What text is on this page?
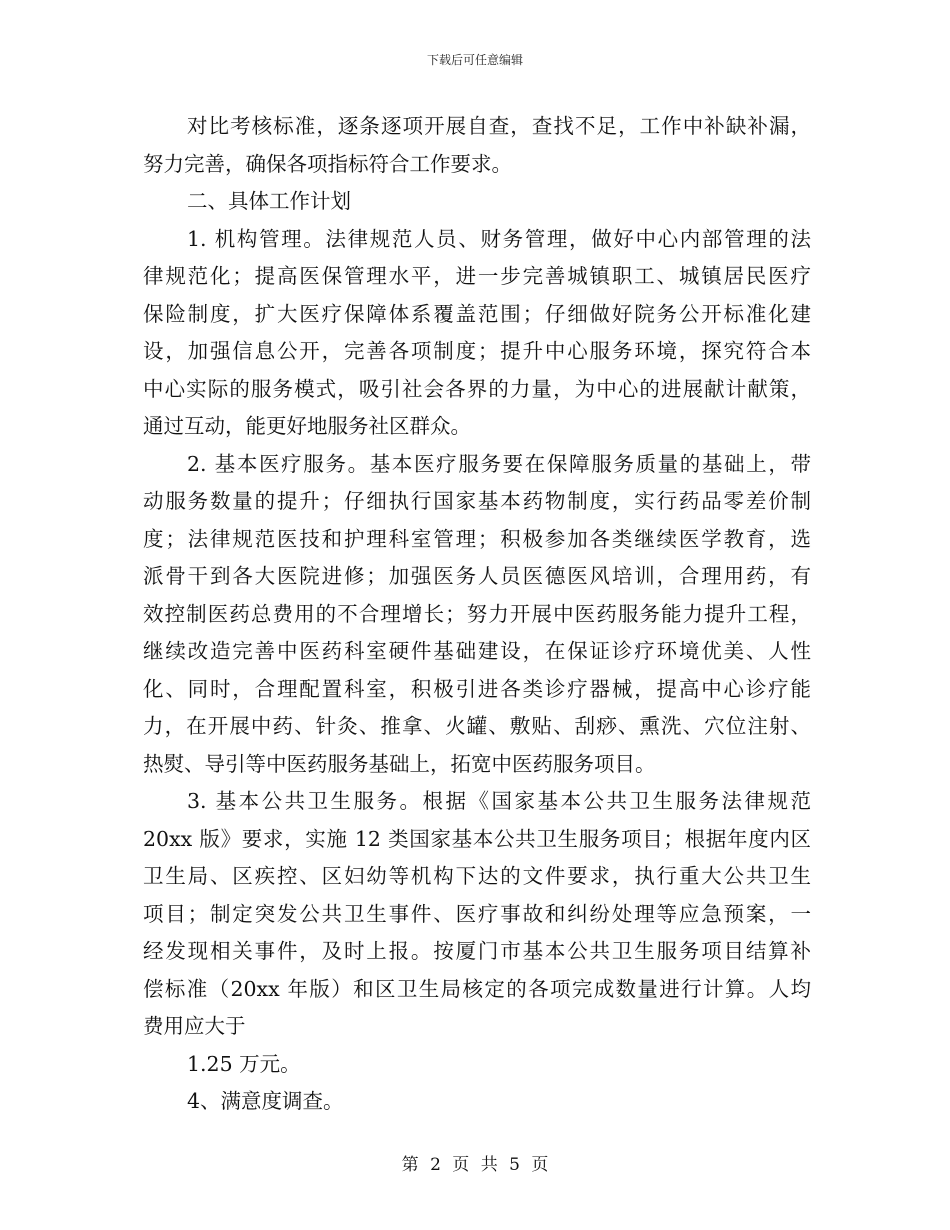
下载后可任意编辑
对比考核标准，逐条逐项开展自查，查找不足，工作中补缺补漏，
努力完善，确保各项指标符合工作要求。
二、具体工作计划
1. 机构管理。法律规范人员、财务管理，做好中心内部管理的法
律规范化；提高医保管理水平，进一步完善城镇职工、城镇居民医疗
保险制度，扩大医疗保障体系覆盖范围；仔细做好院务公开标准化建
设，加强信息公开，完善各项制度；提升中心服务环境，探究符合本
中心实际的服务模式，吸引社会各界的力量，为中心的进展献计献策，
通过互动，能更好地服务社区群众。
2. 基本医疗服务。基本医疗服务要在保障服务质量的基础上，带
动服务数量的提升；仔细执行国家基本药物制度，实行药品零差价制
度；法律规范医技和护理科室管理；积极参加各类继续医学教育，选
派骨干到各大医院进修；加强医务人员医德医风培训，合理用药，有
效控制医药总费用的不合理增长；努力开展中医药服务能力提升工程，
继续改造完善中医药科室硬件基础建设，在保证诊疗环境优美、人性
化、同时，合理配置科室，积极引进各类诊疗器械，提高中心诊疗能
力，在开展中药、针灸、推拿、火罐、敷贴、刮痧、熏洗、穴位注射、
热熨、导引等中医药服务基础上，拓宽中医药服务项目。
3. 基本公共卫生服务。根据《国家基本公共卫生服务法律规范
20xx 版》要求，实施 12 类国家基本公共卫生服务项目；根据年度内区
卫生局、区疾控、区妇幼等机构下达的文件要求，执行重大公共卫生
项目；制定突发公共卫生事件、医疗事故和纠纷处理等应急预案，一
经发现相关事件，及时上报。按厦门市基本公共卫生服务项目结算补
偿标准（20xx 年版）和区卫生局核定的各项完成数量进行计算。人均
费用应大于
1.25 万元。
4、满意度调查。
第 2 页 共 5 页
